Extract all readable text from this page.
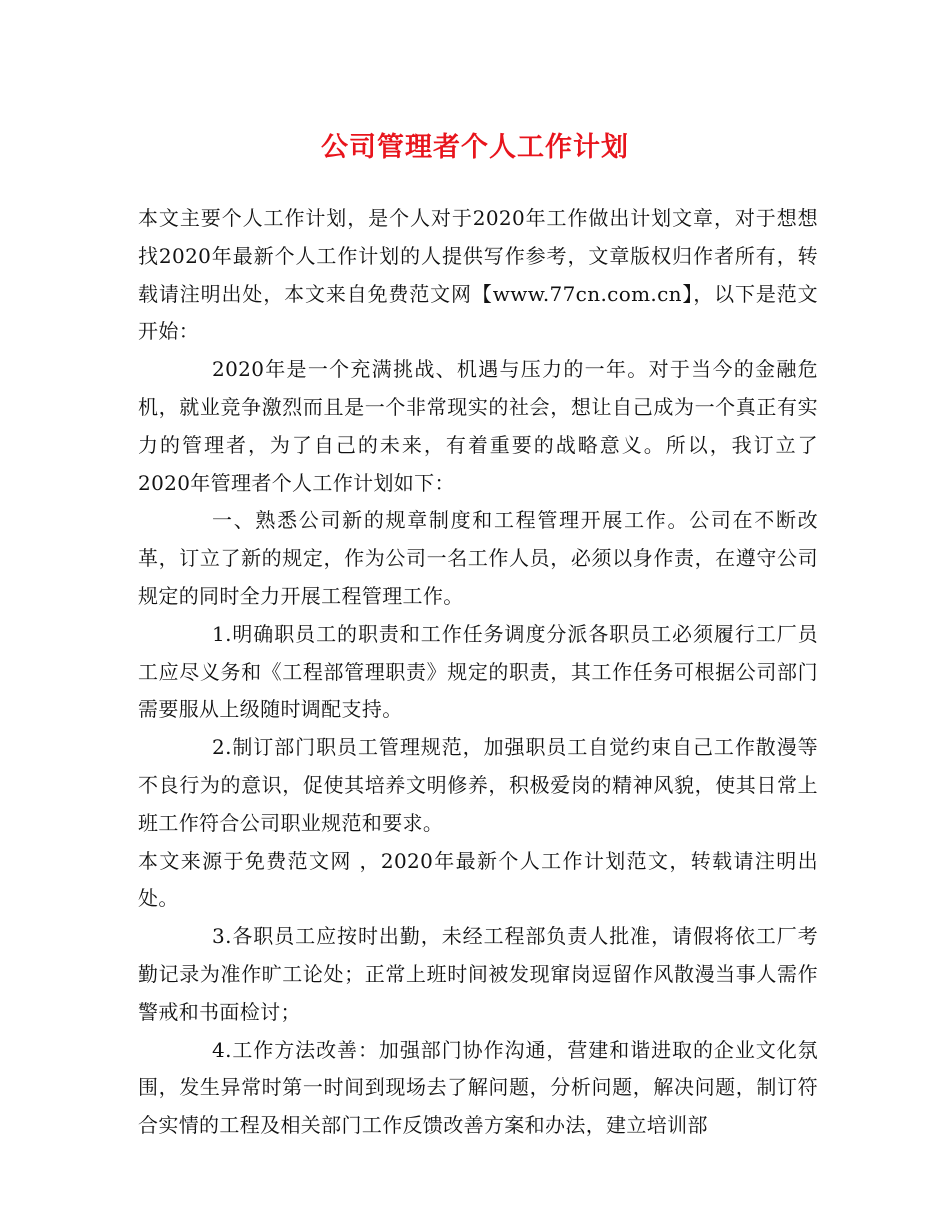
公司管理者个人工作计划

本文主要个人工作计划，是个人对于2020年工作做出计划文章，对于想想找2020年最新个人工作计划的人提供写作参考，文章版权归作者所有，转载请注明出处，本文来自免费范文网【www.77cn.com.cn】，以下是范文开始：

2020年是一个充满挑战、机遇与压力的一年。对于当今的金融危机，就业竞争激烈而且是一个非常现实的社会，想让自己成为一个真正有实力的管理者，为了自己的未来，有着重要的战略意义。所以，我订立了2020年管理者个人工作计划如下：

一、熟悉公司新的规章制度和工程管理开展工作。公司在不断改革，订立了新的规定，作为公司一名工作人员，必须以身作责，在遵守公司规定的同时全力开展工程管理工作。

1.明确职员工的职责和工作任务调度分派各职员工必须履行工厂员工应尽义务和《工程部管理职责》规定的职责，其工作任务可根据公司部门需要服从上级随时调配支持。

2.制订部门职员工管理规范，加强职员工自觉约束自己工作散漫等不良行为的意识，促使其培养文明修养，积极爱岗的精神风貌，使其日常上班工作符合公司职业规范和要求。

本文来源于免费范文网 ，2020年最新个人工作计划范文，转载请注明出处。

3.各职员工应按时出勤，未经工程部负责人批准，请假将依工厂考勤记录为准作旷工论处；正常上班时间被发现窜岗逗留作风散漫当事人需作警戒和书面检讨；

4.工作方法改善：加强部门协作沟通，营建和谐进取的企业文化氛围，发生异常时第一时间到现场去了解问题，分析问题，解决问题，制订符合实情的工程及相关部门工作反馈改善方案和办法，建立培训部
